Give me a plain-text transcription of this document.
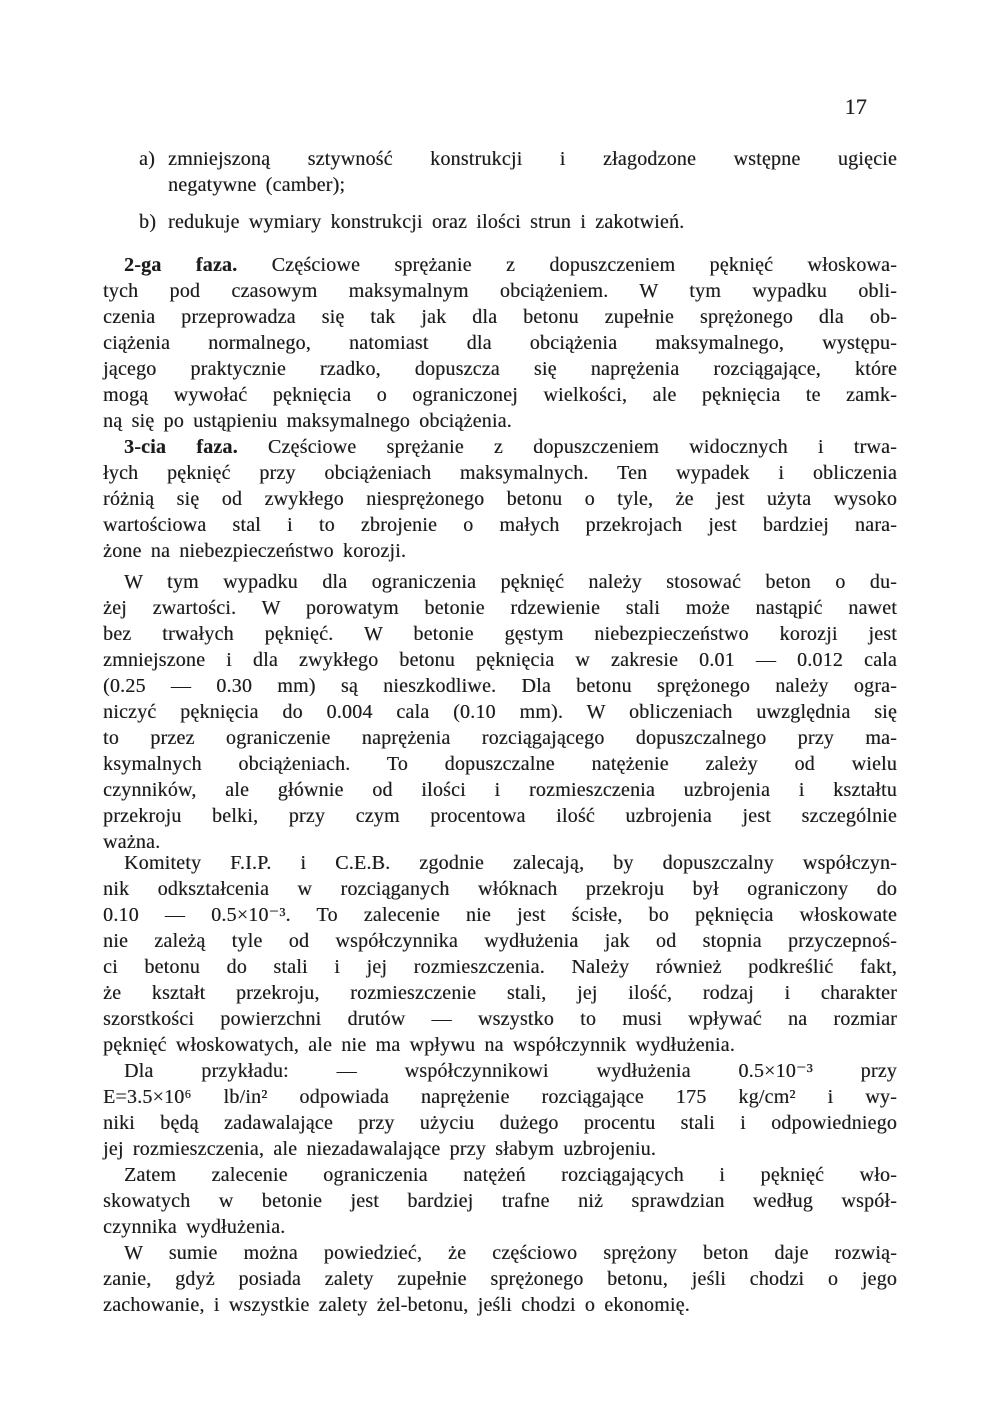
17
a) zmniejszoną sztywność konstrukcji i złagodzone wstępne ugięcie
negatywne (camber);
b) redukuje wymiary konstrukcji oraz ilości strun i zakotwień.
2-ga faza. Częściowe sprężanie z dopuszczeniem pęknięć włoskowa-
tych pod czasowym maksymalnym obciążeniem. W tym wypadku obli-
czenia przeprowadza się tak jak dla betonu zupełnie sprężonego dla ob-
ciążenia normalnego, natomiast dla obciążenia maksymalnego, występu-
jącego praktycznie rzadko, dopuszcza się naprężenia rozciągające, które
mogą wywołać pęknięcia o ograniczonej wielkości, ale pęknięcia te zamk-
ną się po ustąpieniu maksymalnego obciążenia.
3-cia faza. Częściowe sprężanie z dopuszczeniem widocznych i trwa-
łych pęknięć przy obciążeniach maksymalnych. Ten wypadek i obliczenia
różnią się od zwykłego niesprężonego betonu o tyle, że jest użyta wysoko
wartościowa stal i to zbrojenie o małych przekrojach jest bardziej nara-
żone na niebezpieczeństwo korozji.
W tym wypadku dla ograniczenia pęknięć należy stosować beton o du-
żej zwartości. W porowatym betonie rdzewienie stali może nastąpić nawet
bez trwałych pęknięć. W betonie gęstym niebezpieczeństwo korozji jest
zmniejszone i dla zwykłego betonu pęknięcia w zakresie 0.01 — 0.012 cala
(0.25 — 0.30 mm) są nieszkodliwe. Dla betonu sprężonego należy ogra-
niczyć pęknięcia do 0.004 cala (0.10 mm). W obliczeniach uwzględnia się
to przez ograniczenie naprężenia rozciągającego dopuszczalnego przy ma-
ksymalnych obciążeniach. To dopuszczalne natężenie zależy od wielu
czynników, ale głównie od ilości i rozmieszczenia uzbrojenia i kształtu
przekroju belki, przy czym procentowa ilość uzbrojenia jest szczególnie
ważna.
Komitety F.I.P. i C.E.B. zgodnie zalecają, by dopuszczalny współczyn-
nik odkształcenia w rozciąganych włóknach przekroju był ograniczony do
0.10 — 0.5×10⁻³. To zalecenie nie jest ścisłe, bo pęknięcia włoskowate
nie zależą tyle od współczynnika wydłużenia jak od stopnia przyczepnoś-
ci betonu do stali i jej rozmieszczenia. Należy również podkreślić fakt,
że kształt przekroju, rozmieszczenie stali, jej ilość, rodzaj i charakter
szorstkości powierzchni drutów — wszystko to musi wpływać na rozmiar
pęknięć włoskowatych, ale nie ma wpływu na współczynnik wydłużenia.
Dla przykładu: — współczynnikowi wydłużenia 0.5×10⁻³ przy
E=3.5×10⁶ lb/in² odpowiada naprężenie rozciągające 175 kg/cm² i wy-
niki będą zadawalające przy użyciu dużego procentu stali i odpowiedniego
jej rozmieszczenia, ale niezadawalające przy słabym uzbrojeniu.
Zatem zalecenie ograniczenia natężeń rozciągających i pęknięć wło-
skowatych w betonie jest bardziej trafne niż sprawdzian według współ-
czynnika wydłużenia.
W sumie można powiedzieć, że częściowo sprężony beton daje rozwią-
zanie, gdyż posiada zalety zupełnie sprężonego betonu, jeśli chodzi o jego
zachowanie, i wszystkie zalety żel-betonu, jeśli chodzi o ekonomię.
